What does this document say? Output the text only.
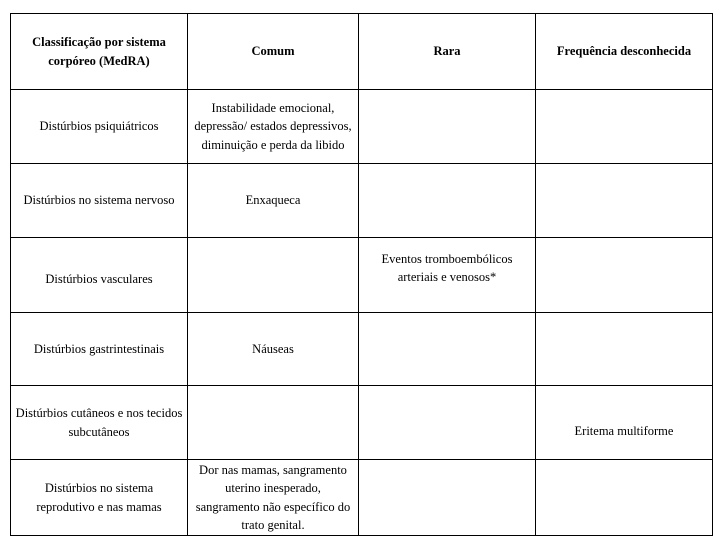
Classificação por sistema corpóreo (MedRA)	Comum	Rara	Frequência desconhecida
Distúrbios psiquiátricos	Instabilidade emocional, depressão/ estados depressivos, diminuição e perda da libido		
Distúrbios no sistema nervoso	Enxaqueca		
Distúrbios vasculares		Eventos tromboembólicos arteriais e venosos*	
Distúrbios gastrintestinais	Náuseas		
Distúrbios cutâneos e nos tecidos subcutâneos			Eritema multiforme
Distúrbios no sistema reprodutivo e nas mamas	Dor nas mamas, sangramento uterino inesperado, sangramento não específico do trato genital.		
